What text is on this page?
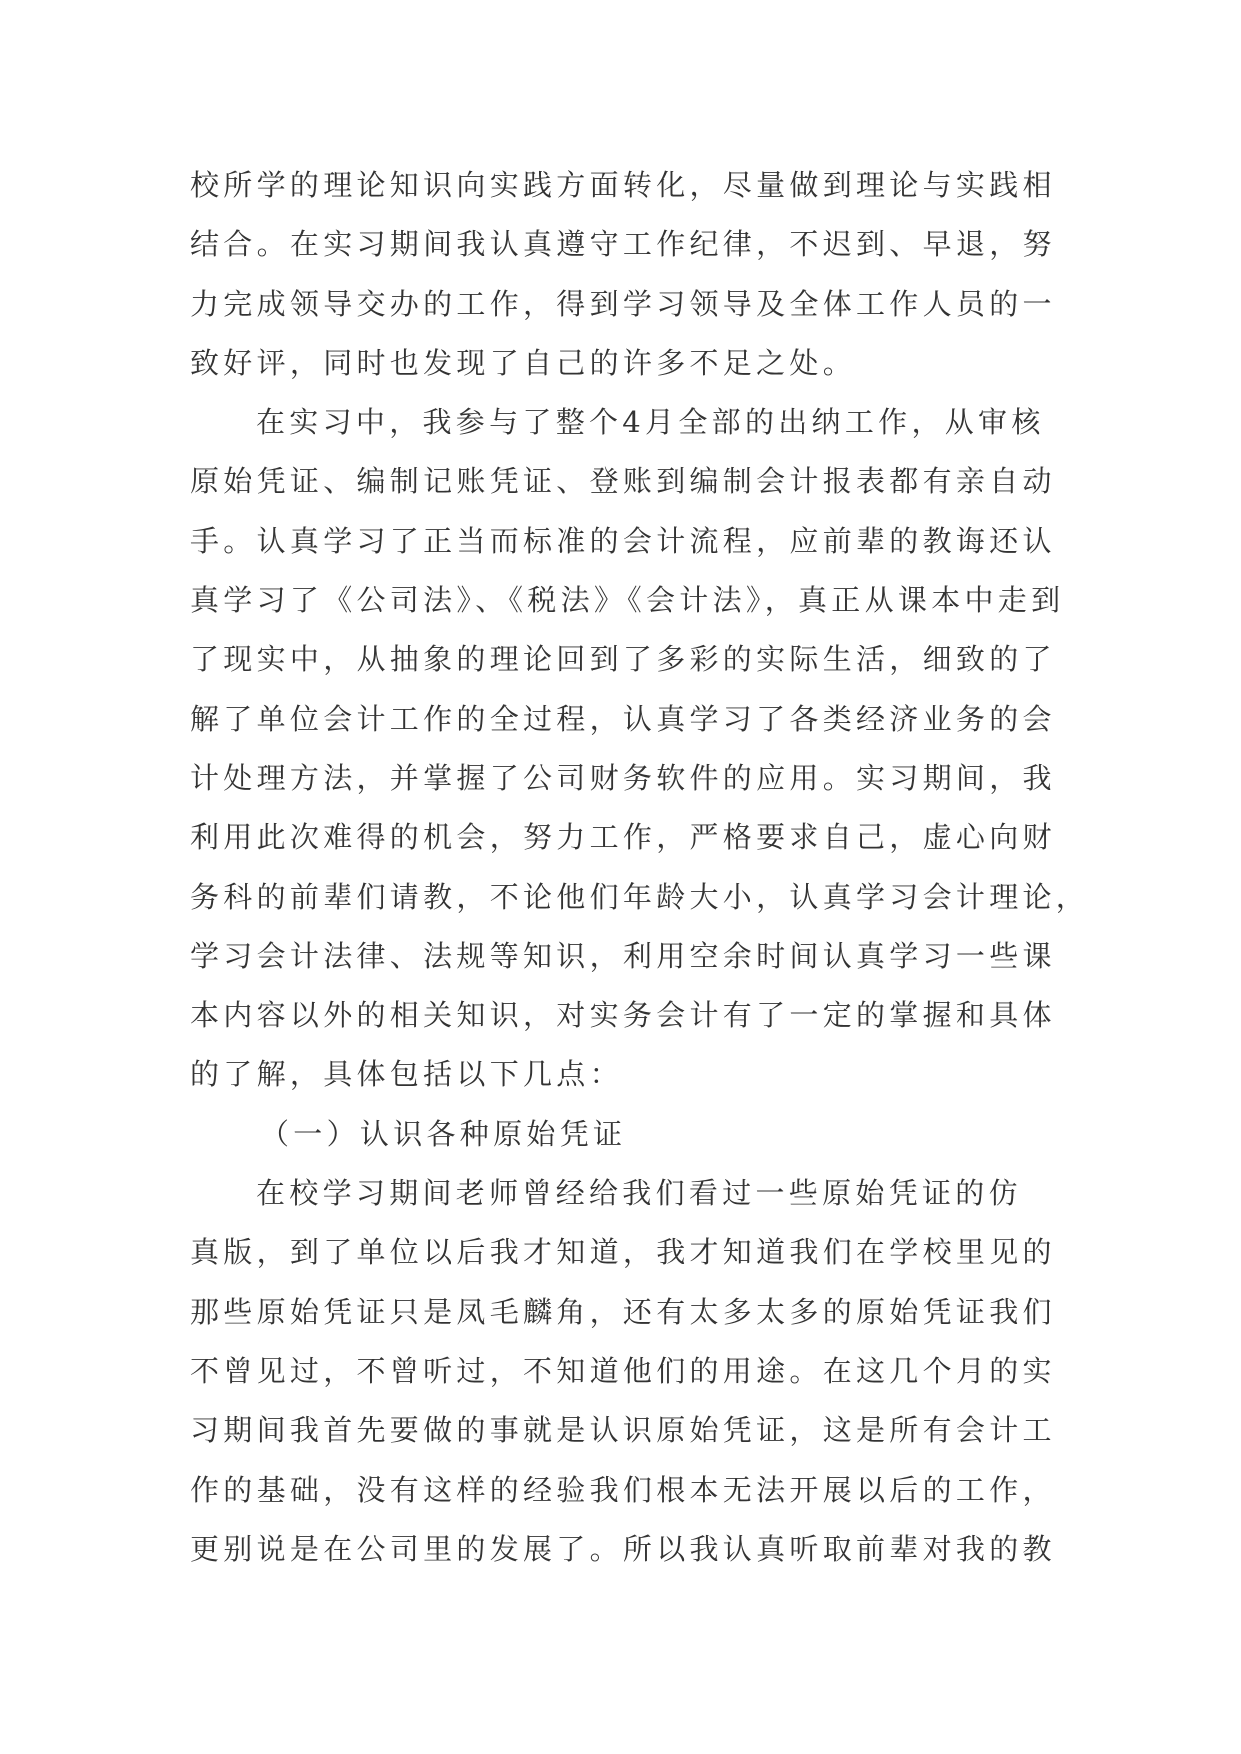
校所学的理论知识向实践方面转化，尽量做到理论与实践相
结合。在实习期间我认真遵守工作纪律，不迟到、早退，努
力完成领导交办的工作，得到学习领导及全体工作人员的一
致好评，同时也发现了自己的许多不足之处。
在实习中，我参与了整个4月全部的出纳工作，从审核
原始凭证、编制记账凭证、登账到编制会计报表都有亲自动
手。认真学习了正当而标准的会计流程，应前辈的教诲还认
真学习了《公司法》、《税法》《会计法》，真正从课本中走到
了现实中，从抽象的理论回到了多彩的实际生活，细致的了
解了单位会计工作的全过程，认真学习了各类经济业务的会
计处理方法，并掌握了公司财务软件的应用。实习期间，我
利用此次难得的机会，努力工作，严格要求自己，虚心向财
务科的前辈们请教，不论他们年龄大小，认真学习会计理论，
学习会计法律、法规等知识，利用空余时间认真学习一些课
本内容以外的相关知识，对实务会计有了一定的掌握和具体
的了解，具体包括以下几点：
（一）认识各种原始凭证
在校学习期间老师曾经给我们看过一些原始凭证的仿
真版，到了单位以后我才知道，我才知道我们在学校里见的
那些原始凭证只是凤毛麟角，还有太多太多的原始凭证我们
不曾见过，不曾听过，不知道他们的用途。在这几个月的实
习期间我首先要做的事就是认识原始凭证，这是所有会计工
作的基础，没有这样的经验我们根本无法开展以后的工作，
更别说是在公司里的发展了。所以我认真听取前辈对我的教
